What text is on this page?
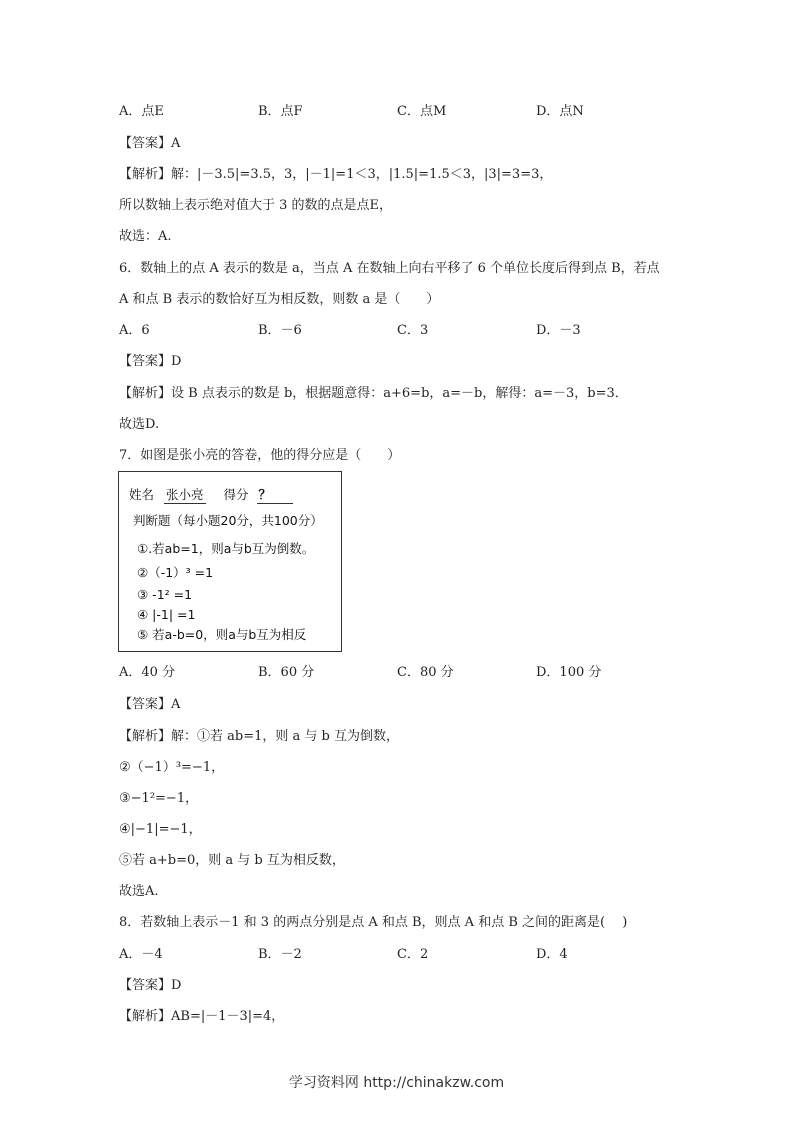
A．点E	B．点F	C．点M	D．点N
【答案】A
【解析】解：|－3.5|=3.5，3，|－1|=1＜3，|1.5|=1.5＜3，|3|=3=3，
所以数轴上表示绝对值大于 3 的数的点是点E，
故选：A.
6．数轴上的点 A 表示的数是 a，当点 A 在数轴上向右平移了 6 个单位长度后得到点 B，若点
A 和点 B 表示的数恰好互为相反数，则数 a 是（　　）
A．6	B．－6	C．3	D．－3
【答案】D
【解析】设 B 点表示的数是 b，根据题意得：a+6=b，a=－b，解得：a=－3，b=3．
故选D.
7．如图是张小亮的答卷，他的得分应是（　　）
姓名 张小亮 得分 ？
判断题（每小题20分，共100分）
①.若ab=1，则a与b互为倒数。
②（-1）³ =1
③ -1² =1
④ |-1| =1
⑤ 若a-b=0，则a与b互为相反
A．40 分	B．60 分	C．80 分	D．100 分
【答案】A
【解析】解：①若 ab=1，则 a 与 b 互为倒数，
②（−1）³=−1，
③−1²=−1，
④|−1|=−1，
⑤若 a+b=0，则 a 与 b 互为相反数，
故选A.
8．若数轴上表示－1 和 3 的两点分别是点 A 和点 B，则点 A 和点 B 之间的距离是(　 )
A．－4	B．－2	C．2	D．4
【答案】D
【解析】AB=|－1－3|=4，
学习资料网 http://chinakzw.com
